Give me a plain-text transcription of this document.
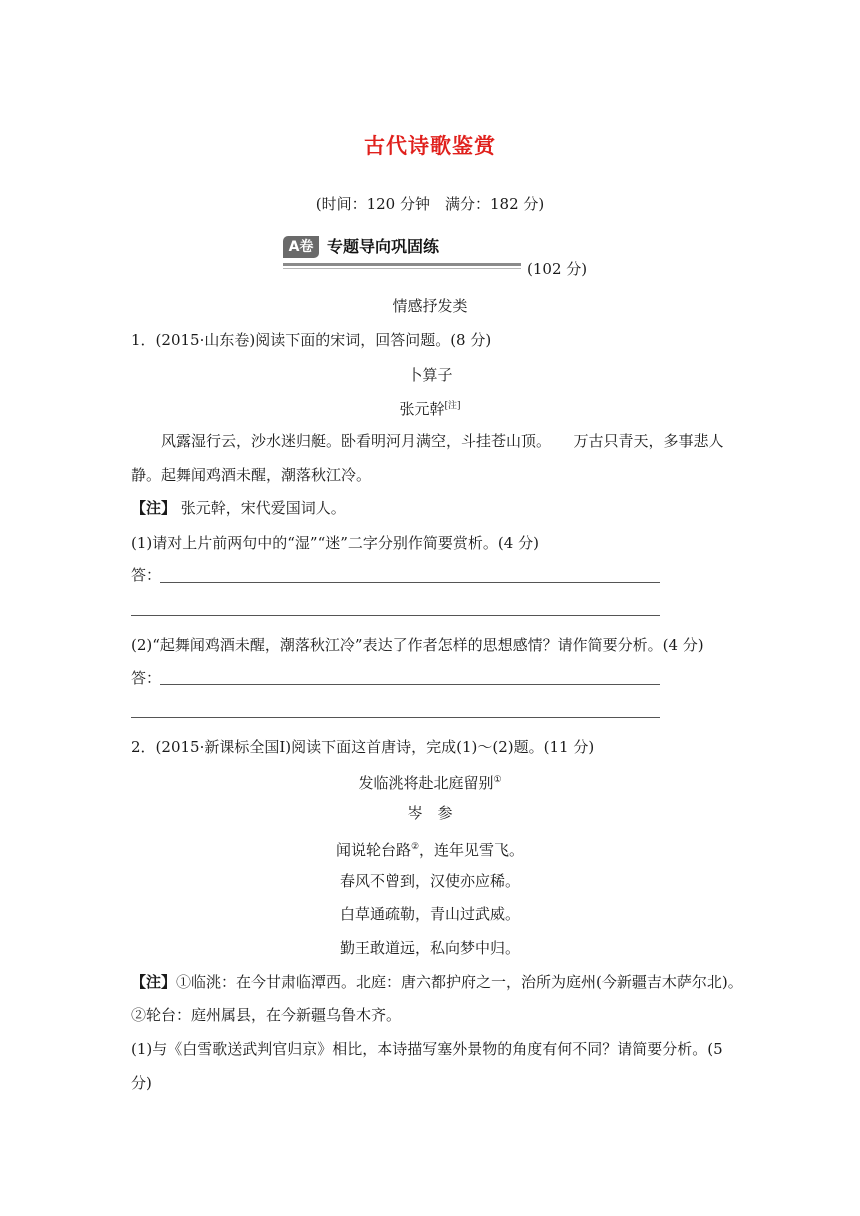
古代诗歌鉴赏
(时间：120 分钟　满分：182 分)
A卷 专题导向巩固练
(102 分)
情感抒发类
1．(2015·山东卷)阅读下面的宋词，回答问题。(8 分)
卜算子
张元幹[注]
风露湿行云，沙水迷归艇。卧看明河月满空，斗挂苍山顶。　　万古只青天，多事悲人
静。起舞闻鸡酒未醒，潮落秋江冷。
【注】 张元幹，宋代爱国词人。
(1)请对上片前两句中的“湿”“迷”二字分别作简要赏析。(4 分)
答：
(2)“起舞闻鸡酒未醒，潮落秋江冷”表达了作者怎样的思想感情？请作简要分析。(4 分)
答：
2．(2015·新课标全国Ⅰ)阅读下面这首唐诗，完成(1)～(2)题。(11 分)
发临洮将赴北庭留别①
岑　参
闻说轮台路②，连年见雪飞。
春风不曾到，汉使亦应稀。
白草通疏勒，青山过武威。
勤王敢道远，私向梦中归。
【注】①临洮：在今甘肃临潭西。北庭：唐六都护府之一，治所为庭州(今新疆吉木萨尔北)。
②轮台：庭州属县，在今新疆乌鲁木齐。
(1)与《白雪歌送武判官归京》相比，本诗描写塞外景物的角度有何不同？请简要分析。(5
分)
